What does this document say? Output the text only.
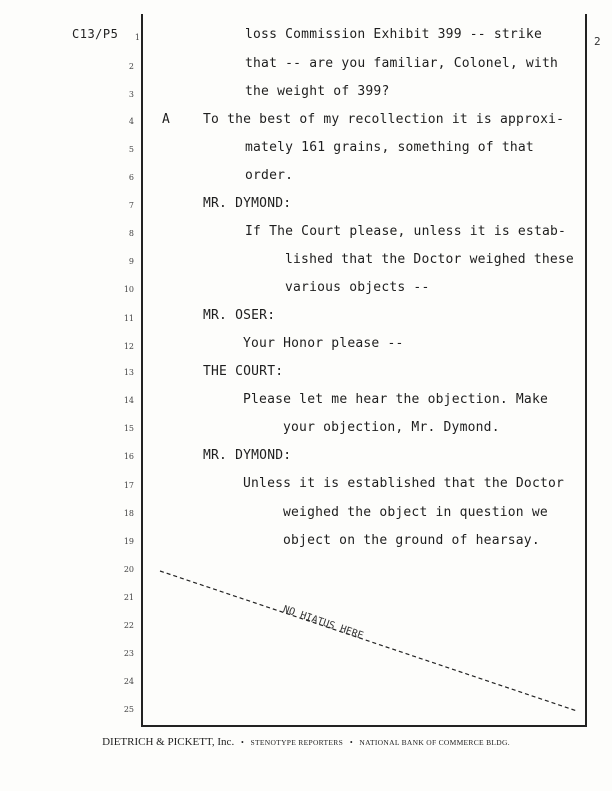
C13/P5
2
1
2
3
4
5
6
7
8
9
10
11
12
13
14
15
16
17
18
19
20
21
22
23
24
25
loss Commission Exhibit 399 -- strike
that -- are you familiar, Colonel, with
the weight of 399?
A	To the best of my recollection it is approxi-
mately 161 grains, something of that
order.
MR. DYMOND:
If The Court please, unless it is estab-
lished that the Doctor weighed these
various objects --
MR. OSER:
Your Honor please --
THE COURT:
Please let me hear the objection. Make
your objection, Mr. Dymond.
MR. DYMOND:
Unless it is established that the Doctor
weighed the object in question we
object on the ground of hearsay.
NO HIATUS HERE
DIETRICH & PICKETT, Inc. • STENOTYPE REPORTERS • NATIONAL BANK OF COMMERCE BLDG.
